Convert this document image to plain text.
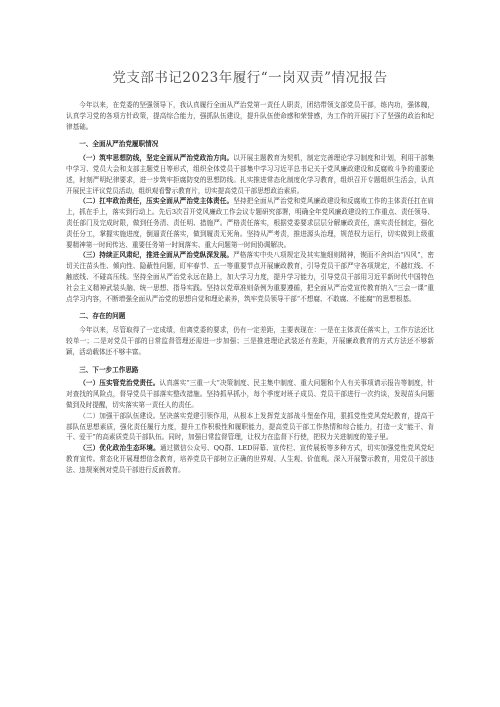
党支部书记2023年履行“一岗双责”情况报告

今年以来，在党委的坚强领导下，我认真履行全面从严治党第一责任人职责，团结带领支部党员干部，练内功，强体魄，认真学习党的各项方针政策，提高综合能力，强抓队伍建设，提升队伍使命感和荣誉感，为工作的开展打下了坚强的政治和纪律基础。

一、全面从严治党履职情况

（一）筑牢思想防线，坚定全面从严治党政治方向。以开展主题教育为契机，制定完善理论学习制度和计划，利用干部集中学习、党员大会和支部主题党日等形式，组织全体党员干部集中学习习近平总书记关于党风廉政建设和反腐败斗争的重要论述，时刻严明纪律要求，进一步筑牢拒腐防变的思想防线。扎实推进常态化制度化学习教育，组织召开专题组织生活会，认真开展民主评议党员活动，组织观看警示教育片，切实提高党员干部思想政治素质。

（二）扛牢政治责任，压实全面从严治党主体责任。坚持把全面从严治党和党风廉政建设和反腐败工作的主体责任扛在肩上，抓在手上，落实到行动上。先后3次召开党风廉政工作会议专题研究部署，明确全年党风廉政建设的工作重点、责任领导、责任部门及完成时限，做到任务清、责任明、措施严。严格责任落实，根据党委要求层层分解廉政责任，落实责任制定，强化责任分工，掌握实施进度，倒逼责任落实，做到履责无死角。坚持从严考责，推进源头治理，规范权力运行，切实做到上级重要精神第一时间传达、重要任务第一时间落实、重大问题第一时间协调解决。

（三）持续正风肃纪，推进全面从严治党纵深发展。严格落实中央八项规定及其实施细则精神，锲而不舍纠治“四风”，密切关注苗头性、倾向性、隐蔽性问题，盯牢春节、五一等重要节点开展廉政教育，引导党员干部严守各项规定，不越红线、不触底线、不碰高压线。坚持全面从严治党永远在路上，加大学习力度，提升学习能力，引导党员干部用习近平新时代中国特色社会主义精神武装头脑、统一思想、指导实践。坚持以党章准则条例为重要遵循，把全面从严治党宣传教育纳入“三会一课”重点学习内容，不断增强全面从严治党的思想自觉和理论素养，筑牢党员领导干部“不想腐、不敢腐、不能腐”的思想根基。

二、存在的问题

今年以来，尽管取得了一定成绩，但离党委的要求，仍有一定差距，主要表现在：一是在主体责任落实上，工作方法还比较单一；二是对党员干部的日常监督管理还需进一步加强；三是推进理论武装还有差距，开展廉政教育的方式方法还不够新颖，活动载体还不够丰富。

三、下一步工作思路

（一）压实管党治党责任。认真落实“三重一大”决策制度、民主集中制度、重大问题和个人有关事项请示报告等制度，针对查找的风险点，督导党员干部落实整改措施。坚持抓早抓小，每个季度对班子成员、党员干部进行一次约谈，发现苗头问题做到及时提醒，切实落实第一责任人的责任。

（二）加强干部队伍建设。坚决落实党建引领作用，从根本上发挥党支部战斗堡垒作用，狠抓党性党风党纪教育，提高干部队伍思想素质，强化责任履行力度，提升工作积极性和履职能力，提高党员干部工作热情和综合能力，打造一支“能干、肯干、爱干”的高素质党员干部队伍。同时，加强日常监督管理，让权力在监督下行使，把权力关进制度的笼子里。

（三）优化政治生态环境。通过微信公众号、QQ群、LED屏幕、宣传栏、宣传展板等多种方式，切实加强党性党风党纪教育宣传。常态化开展理想信念教育，培养党员干部树立正确的世界观、人生观、价值观。深入开展警示教育，用党员干部违法、违规案例对党员干部进行反面教育。
